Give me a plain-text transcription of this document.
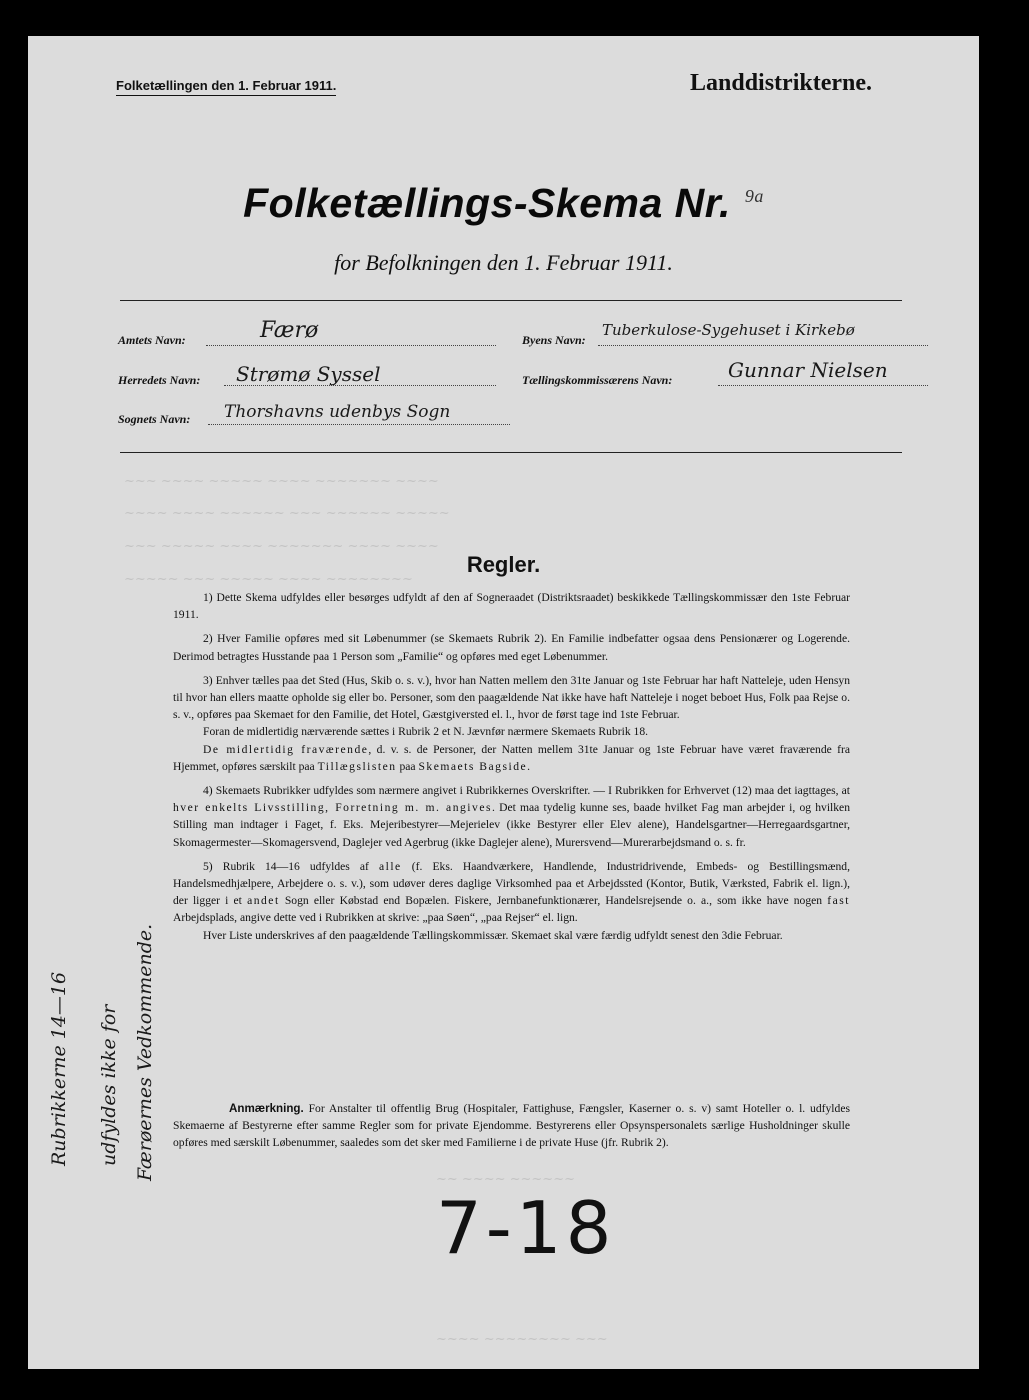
Folketællingen den 1. Februar 1911.	Landdistrikterne.
Folketællings-Skema Nr. $^{9a}$
for Befolkningen den 1. Februar 1911.
Amtets Navn:	Færø
Herredets Navn: Strømø Syssel
Sognets Navn: Thorshavns udenbys Sogn
Byens Navn:
Tuberkulose-Sygehuset i Kirkebø
Tællingskommissærens Navn:	Gunnar Nielsen
~~~ ~~~~ ~~~~~ ~~~~ ~~~~~~~ ~~~~
~~~~ ~~~~ ~~~~~~ ~~~ ~~~~~~ ~~~~~
~~~ ~~~~~ ~~~~ ~~~~~~~ ~~~~ ~~~~
~~~~~ ~~~ ~~~~~ ~~~~ ~~~~~~~~
Regler.

1) Dette Skema udfyldes eller besørges udfyldt af den af Sogneraadet (Distriktsraadet) beskikkede Tællingskommissær den 1ste Februar 1911.

2) Hver Familie opføres med sit Løbenummer (se Skemaets Rubrik 2). En Familie indbefatter ogsaa dens Pensionærer og Logerende. Derimod betragtes Husstande paa 1 Person som „Familie“ og opføres med eget Løbenummer.

3) Enhver tælles paa det Sted (Hus, Skib o. s. v.), hvor han Natten mellem den 31te Januar og 1ste Februar har haft Natteleje, uden Hensyn til hvor han ellers maatte opholde sig eller bo. Personer, som den paagældende Nat ikke have haft Natteleje i noget beboet Hus, Folk paa Rejse o. s. v., opføres paa Skemaet for den Familie, det Hotel, Gæstgiversted el. l., hvor de først tage ind 1ste Februar.

Foran de midlertidig nærværende sættes i Rubrik 2 et N. Jævnfør nærmere Skemaets Rubrik 18.

De midlertidig fraværende, d. v. s. de Personer, der Natten mellem 31te Januar og 1ste Februar have været fraværende fra Hjemmet, opføres særskilt paa Tillægslisten paa Skemaets Bagside.

4) Skemaets Rubrikker udfyldes som nærmere angivet i Rubrikkernes Overskrifter. — I Rubrikken for Erhvervet (12) maa det iagttages, at hver enkelts Livsstilling, Forretning m. m. angives. Det maa tydelig kunne ses, baade hvilket Fag man arbejder i, og hvilken Stilling man indtager i Faget, f. Eks. Mejeribestyrer—Mejerielev (ikke Bestyrer eller Elev alene), Handelsgartner—Herregaardsgartner, Skomagermester—Skomagersvend, Daglejer ved Agerbrug (ikke Daglejer alene), Murersvend—Murerarbejdsmand o. s. fr.

5) Rubrik 14—16 udfyldes af alle (f. Eks. Haandværkere, Handlende, Industridrivende, Embeds- og Bestillingsmænd, Handelsmedhjælpere, Arbejdere o. s. v.), som udøver deres daglige Virksomhed paa et Arbejdssted (Kontor, Butik, Værksted, Fabrik el. lign.), der ligger i et andet Sogn eller Købstad end Bopælen. Fiskere, Jernbanefunktionærer, Handelsrejsende o. a., som ikke have nogen fast Arbejdsplads, angive dette ved i Rubrikken at skrive: „paa Søen“, „paa Rejser“ el. lign.

Hver Liste underskrives af den paagældende Tællingskommissær. Skemaet skal være færdig udfyldt senest den 3die Februar.

Anmærkning. For Anstalter til offentlig Brug (Hospitaler, Fattighuse, Fængsler, Kaserner o. s. v) samt Hoteller o. l. udfyldes Skemaerne af Bestyrerne efter samme Regler som for private Ejendomme. Bestyrerens eller Opsynspersonalets særlige Husholdninger skulle opføres med særskilt Løbenummer, saaledes som det sker med Familierne i de private Huse (jfr. Rubrik 2).

Rubrikkerne 14—16 udfyldes ikke for Færøernes Vedkommende.	~~ ~~~~ ~~~~~~
~~~~ ~~~~~~~~ ~~~
7-18
